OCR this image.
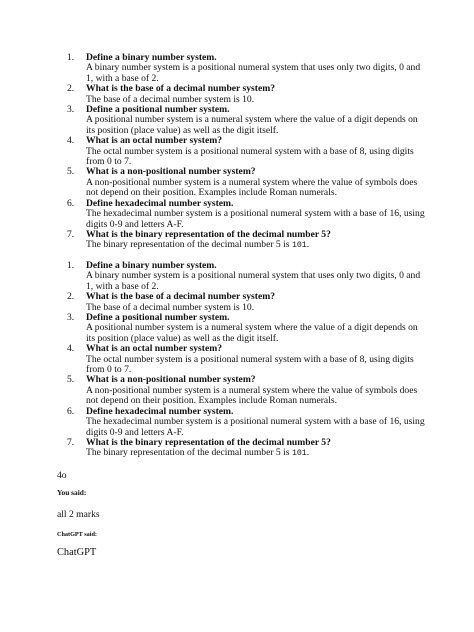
1. Define a binary number system.
A binary number system is a positional numeral system that uses only two digits, 0 and 1, with a base of 2.
2. What is the base of a decimal number system?
The base of a decimal number system is 10.
3. Define a positional number system.
A positional number system is a numeral system where the value of a digit depends on its position (place value) as well as the digit itself.
4. What is an octal number system?
The octal number system is a positional numeral system with a base of 8, using digits from 0 to 7.
5. What is a non-positional number system?
A non-positional number system is a numeral system where the value of symbols does not depend on their position. Examples include Roman numerals.
6. Define hexadecimal number system.
The hexadecimal number system is a positional numeral system with a base of 16, using digits 0-9 and letters A-F.
7. What is the binary representation of the decimal number 5?
The binary representation of the decimal number 5 is 101.
1. Define a binary number system.
A binary number system is a positional numeral system that uses only two digits, 0 and 1, with a base of 2.
2. What is the base of a decimal number system?
The base of a decimal number system is 10.
3. Define a positional number system.
A positional number system is a numeral system where the value of a digit depends on its position (place value) as well as the digit itself.
4. What is an octal number system?
The octal number system is a positional numeral system with a base of 8, using digits from 0 to 7.
5. What is a non-positional number system?
A non-positional number system is a numeral system where the value of symbols does not depend on their position. Examples include Roman numerals.
6. Define hexadecimal number system.
The hexadecimal number system is a positional numeral system with a base of 16, using digits 0-9 and letters A-F.
7. What is the binary representation of the decimal number 5?
The binary representation of the decimal number 5 is 101.
4o
You said:
all 2 marks
ChatGPT said:
ChatGPT
